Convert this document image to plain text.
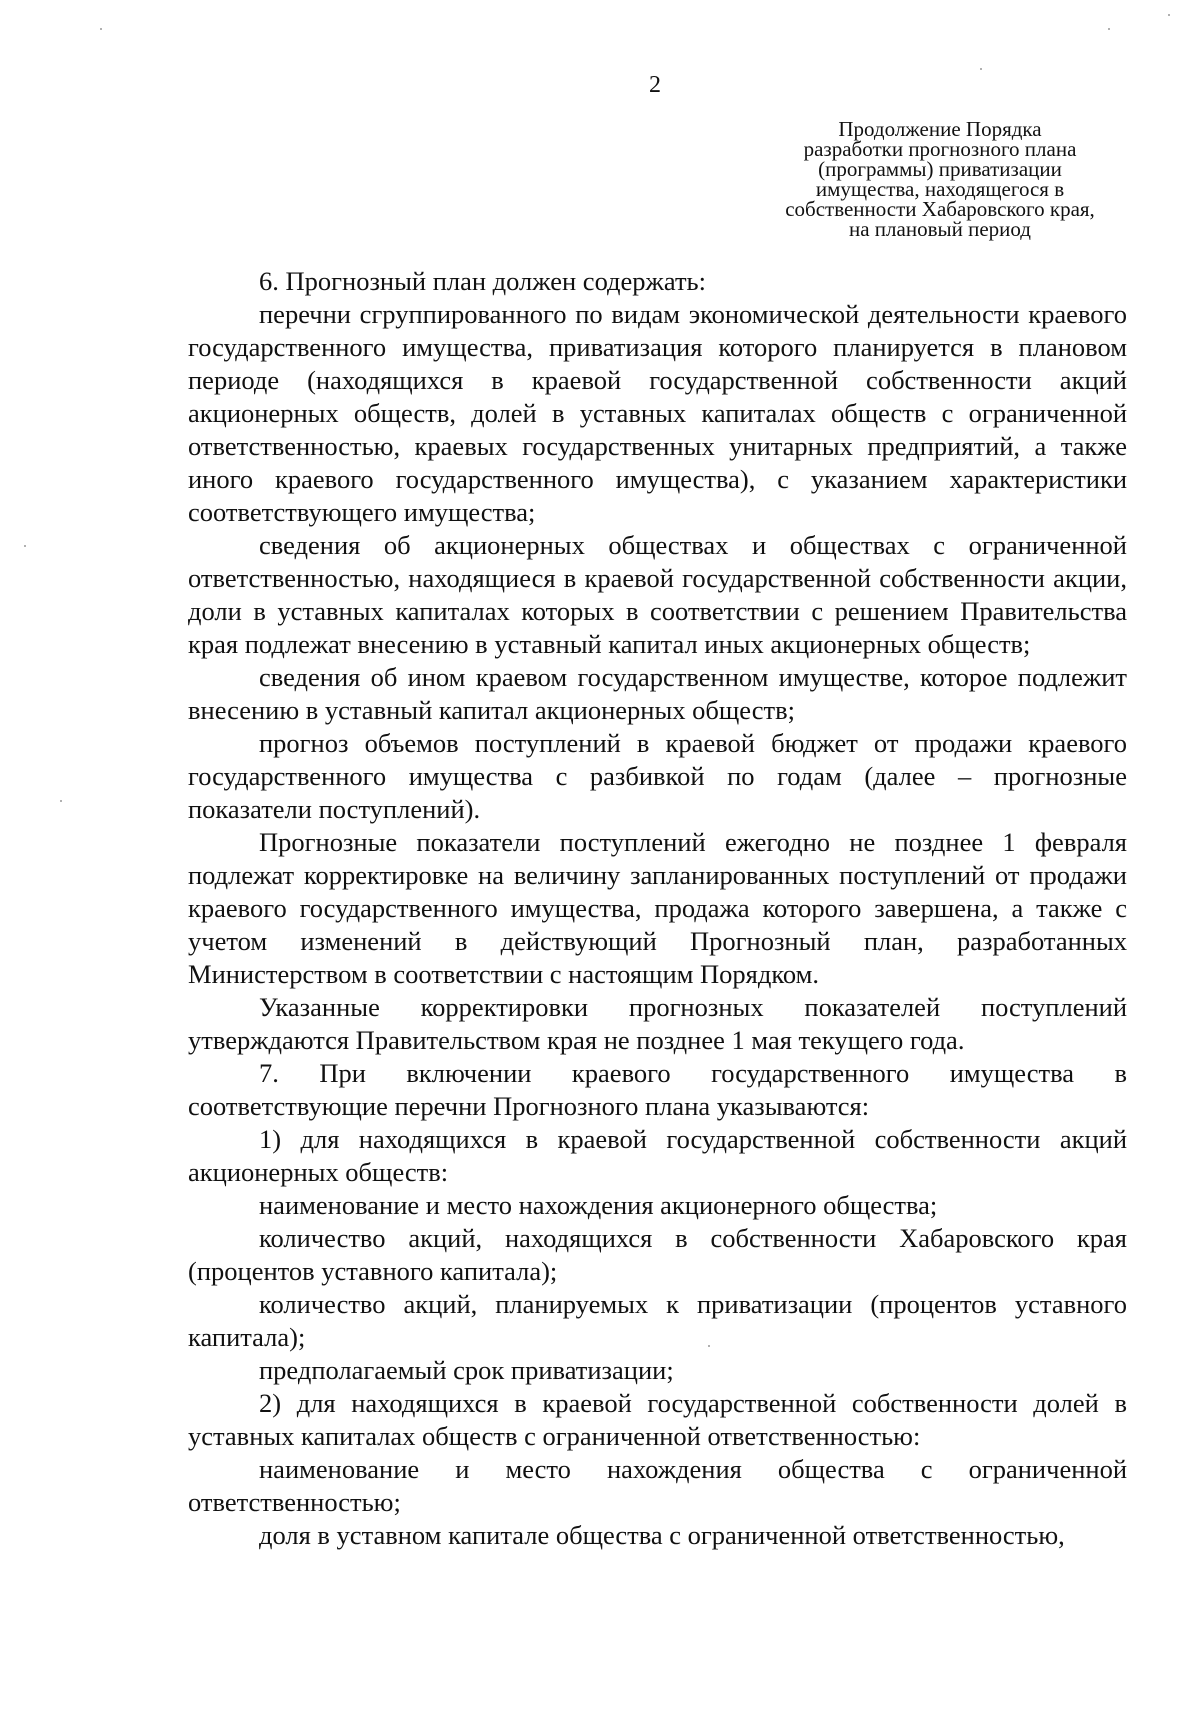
2
Продолжение Порядка
разработки прогнозного плана
(программы) приватизации
имущества, находящегося в
собственности Хабаровского края,
на плановый период

6. Прогнозный план должен содержать:

перечни сгруппированного по видам экономической деятельности краевого государственного имущества, приватизация которого планируется в плановом периоде (находящихся в краевой государственной собственности акций акционерных обществ, долей в уставных капиталах обществ с ограниченной ответственностью, краевых государственных унитарных предприятий, а также иного краевого государственного имущества), с указанием характеристики соответствующего имущества;

сведения об акционерных обществах и обществах с ограниченной ответственностью, находящиеся в краевой государственной собственности акции, доли в уставных капиталах которых в соответствии с решением Правительства края подлежат внесению в уставный капитал иных акционерных обществ;

сведения об ином краевом государственном имуществе, которое подлежит внесению в уставный капитал акционерных обществ;

прогноз объемов поступлений в краевой бюджет от продажи краевого государственного имущества с разбивкой по годам (далее – прогнозные показатели поступлений).

Прогнозные показатели поступлений ежегодно не позднее 1 февраля подлежат корректировке на величину запланированных поступлений от продажи краевого государственного имущества, продажа которого завершена, а также с учетом изменений в действующий Прогнозный план, разработанных Министерством в соответствии с настоящим Порядком.

Указанные корректировки прогнозных показателей поступлений утверждаются Правительством края не позднее 1 мая текущего года.

7. При включении краевого государственного имущества в соответствующие перечни Прогнозного плана указываются:

1) для находящихся в краевой государственной собственности акций акционерных обществ:

наименование и место нахождения акционерного общества;

количество акций, находящихся в собственности Хабаровского края (процентов уставного капитала);

количество акций, планируемых к приватизации (процентов уставного капитала);

предполагаемый срок приватизации;

2) для находящихся в краевой государственной собственности долей в уставных капиталах обществ с ограниченной ответственностью:

наименование и место нахождения общества с ограниченной ответственностью;

доля в уставном капитале общества с ограниченной ответственностью,
